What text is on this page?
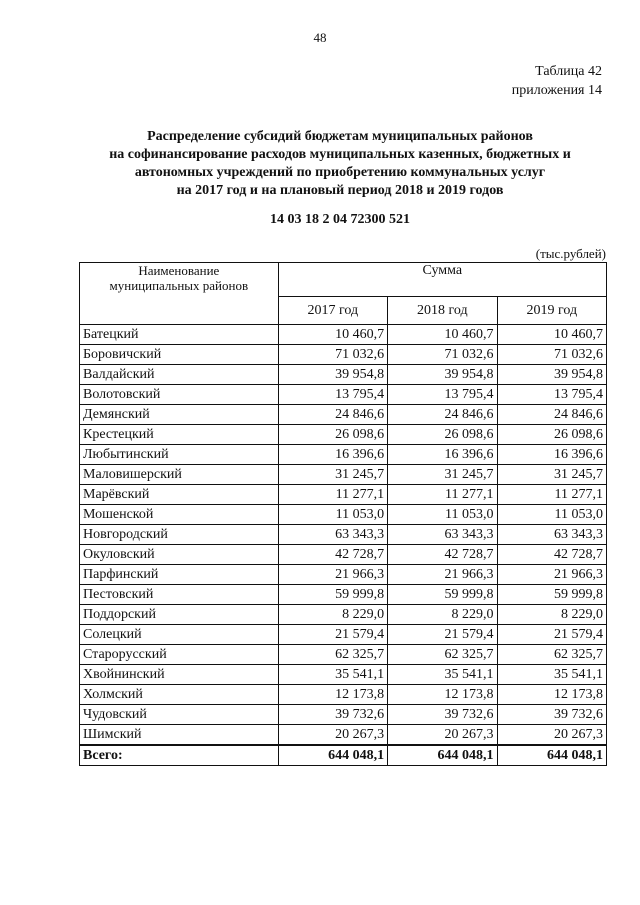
48
Таблица 42
приложения 14
Распределение субсидий бюджетам муниципальных районов
на софинансирование расходов муниципальных казенных, бюджетных и
автономных учреждений по приобретению коммунальных услуг
на 2017 год и на плановый период 2018 и 2019 годов
14 03 18 2 04 72300 521
(тыс.рублей)
Наименование
муниципальных районов	Сумма		
	2017 год	2018 год	2019 год
Батецкий	10 460,7	10 460,7	10 460,7
Боровичский	71 032,6	71 032,6	71 032,6
Валдайский	39 954,8	39 954,8	39 954,8
Волотовский	13 795,4	13 795,4	13 795,4
Демянский	24 846,6	24 846,6	24 846,6
Крестецкий	26 098,6	26 098,6	26 098,6
Любытинский	16 396,6	16 396,6	16 396,6
Маловишерский	31 245,7	31 245,7	31 245,7
Марёвский	11 277,1	11 277,1	11 277,1
Мошенской	11 053,0	11 053,0	11 053,0
Новгородский	63 343,3	63 343,3	63 343,3
Окуловский	42 728,7	42 728,7	42 728,7
Парфинский	21 966,3	21 966,3	21 966,3
Пестовский	59 999,8	59 999,8	59 999,8
Поддорский	8 229,0	8 229,0	8 229,0
Солецкий	21 579,4	21 579,4	21 579,4
Старорусский	62 325,7	62 325,7	62 325,7
Хвойнинский	35 541,1	35 541,1	35 541,1
Холмский	12 173,8	12 173,8	12 173,8
Чудовский	39 732,6	39 732,6	39 732,6
Шимский	20 267,3	20 267,3	20 267,3
Всего:	644 048,1	644 048,1	644 048,1
